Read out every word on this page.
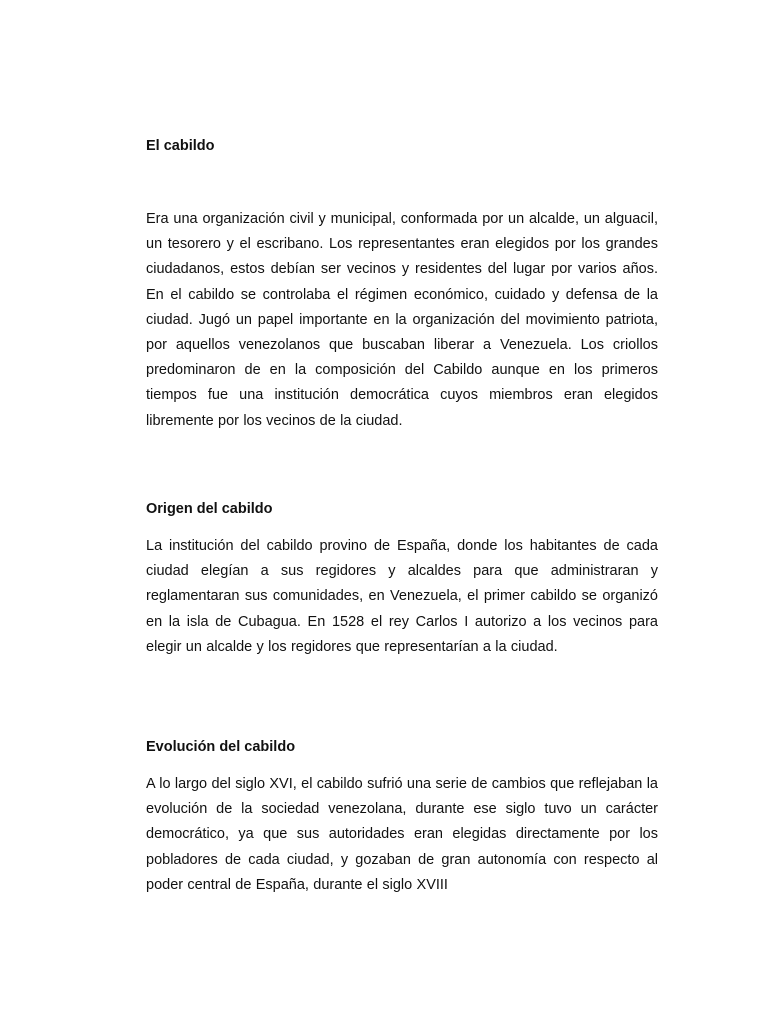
El cabildo

Era una organización civil y municipal, conformada por un alcalde, un alguacil, un tesorero y el escribano. Los representantes eran elegidos por los grandes ciudadanos, estos debían ser vecinos y residentes del lugar por varios años. En el cabildo se controlaba el régimen económico, cuidado y defensa de la ciudad. Jugó un papel importante en la organización del movimiento patriota, por aquellos venezolanos que buscaban liberar a Venezuela. Los criollos predominaron de en la composición del Cabildo aunque en los primeros tiempos fue una institución democrática cuyos miembros eran elegidos libremente por los vecinos de la ciudad.

Origen del cabildo

La institución del cabildo provino de España, donde los habitantes de cada ciudad elegían a sus regidores y alcaldes para que administraran y reglamentaran sus comunidades, en Venezuela, el primer cabildo se organizó en la isla de Cubagua. En 1528 el rey Carlos I autorizo a los vecinos para elegir un alcalde y los regidores que representarían a la ciudad.

Evolución del cabildo

A lo largo del siglo XVI, el cabildo sufrió una serie de cambios que reflejaban la evolución de la sociedad venezolana, durante ese siglo tuvo un carácter democrático, ya que sus autoridades eran elegidas directamente por los pobladores de cada ciudad, y gozaban de gran autonomía con respecto al poder central de España, durante el siglo XVIII
